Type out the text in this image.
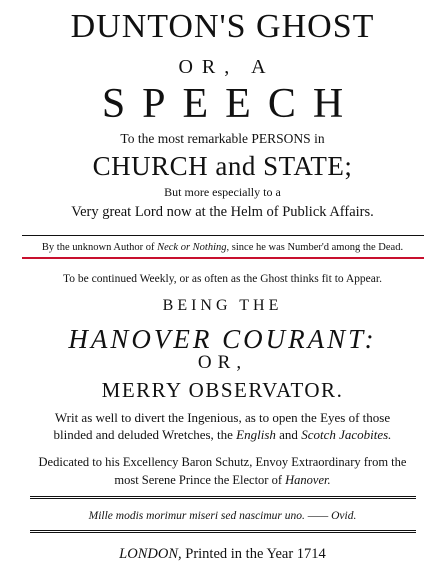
DUNTON'S GHOST
OR, A
SPEECH
To the most remarkable PERSONS in
CHURCH and STATE;
But more especially to a
Very great Lord now at the Helm of Publick Affairs.
By the unknown Author of Neck or Nothing, since he was Number'd among the Dead.
To be continued Weekly, or as often as the Ghost thinks fit to Appear.
BEING THE
HANOVER COURANT:
OR,
MERRY OBSERVATOR.
Writ as well to divert the Ingenious, as to open the Eyes of those
blinded and deluded Wretches, the English and Scotch Jacobites.
Dedicated to his Excellency Baron Schutz, Envoy Extraordinary from the
most Serene Prince the Elector of Hanover.
Mille modis morimur miseri sed nascimur uno. —— Ovid.
LONDON, Printed in the Year 1714
